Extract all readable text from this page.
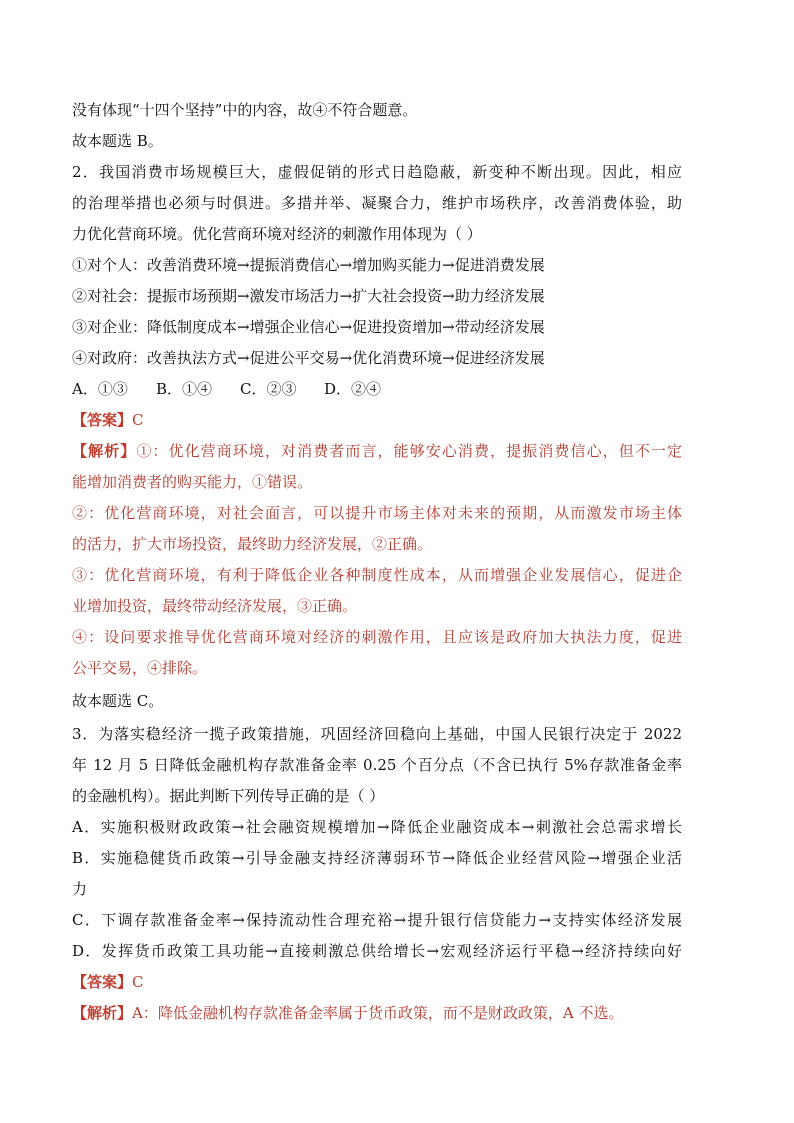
没有体现“十四个坚持”中的内容，故④不符合题意。
故本题选 B。
2．我国消费市场规模巨大，虚假促销的形式日趋隐蔽，新变种不断出现。因此，相应
的治理举措也必须与时俱进。多措并举、凝聚合力，维护市场秩序，改善消费体验，助
力优化营商环境。优化营商环境对经济的刺激作用体现为（ ）
①对个人：改善消费环境→提振消费信心→增加购买能力→促进消费发展
②对社会：提振市场预期→激发市场活力→扩大社会投资→助力经济发展
③对企业：降低制度成本→增强企业信心→促进投资增加→带动经济发展
④对政府：改善执法方式→促进公平交易→优化消费环境→促进经济发展
A．①③ B．①④ C．②③ D．②④
【答案】C
【解析】①：优化营商环境，对消费者而言，能够安心消费，提振消费信心，但不一定
能增加消费者的购买能力，①错误。
②：优化营商环境，对社会面言，可以提升市场主体对未来的预期，从而激发市场主体
的活力，扩大市场投资，最终助力经济发展，②正确。
③：优化营商环境，有利于降低企业各种制度性成本，从而增强企业发展信心，促进企
业增加投资，最终带动经济发展，③正确。
④：设问要求推导优化营商环境对经济的刺激作用，且应该是政府加大执法力度，促进
公平交易，④排除。
故本题选 C。
3．为落实稳经济一揽子政策措施，巩固经济回稳向上基础，中国人民银行决定于 2022
年 12 月 5 日降低金融机构存款准备金率 0.25 个百分点（不含已执行 5%存款准备金率
的金融机构）。据此判断下列传导正确的是（ ）
A．实施积极财政政策→社会融资规模增加→降低企业融资成本→刺激社会总需求增长
B．实施稳健货币政策→引导金融支持经济薄弱环节→降低企业经营风险→增强企业活
力
C．下调存款准备金率→保持流动性合理充裕→提升银行信贷能力→支持实体经济发展
D．发挥货币政策工具功能→直接刺激总供给增长→宏观经济运行平稳→经济持续向好
【答案】C
【解析】A：降低金融机构存款准备金率属于货币政策，而不是财政政策，A 不选。
